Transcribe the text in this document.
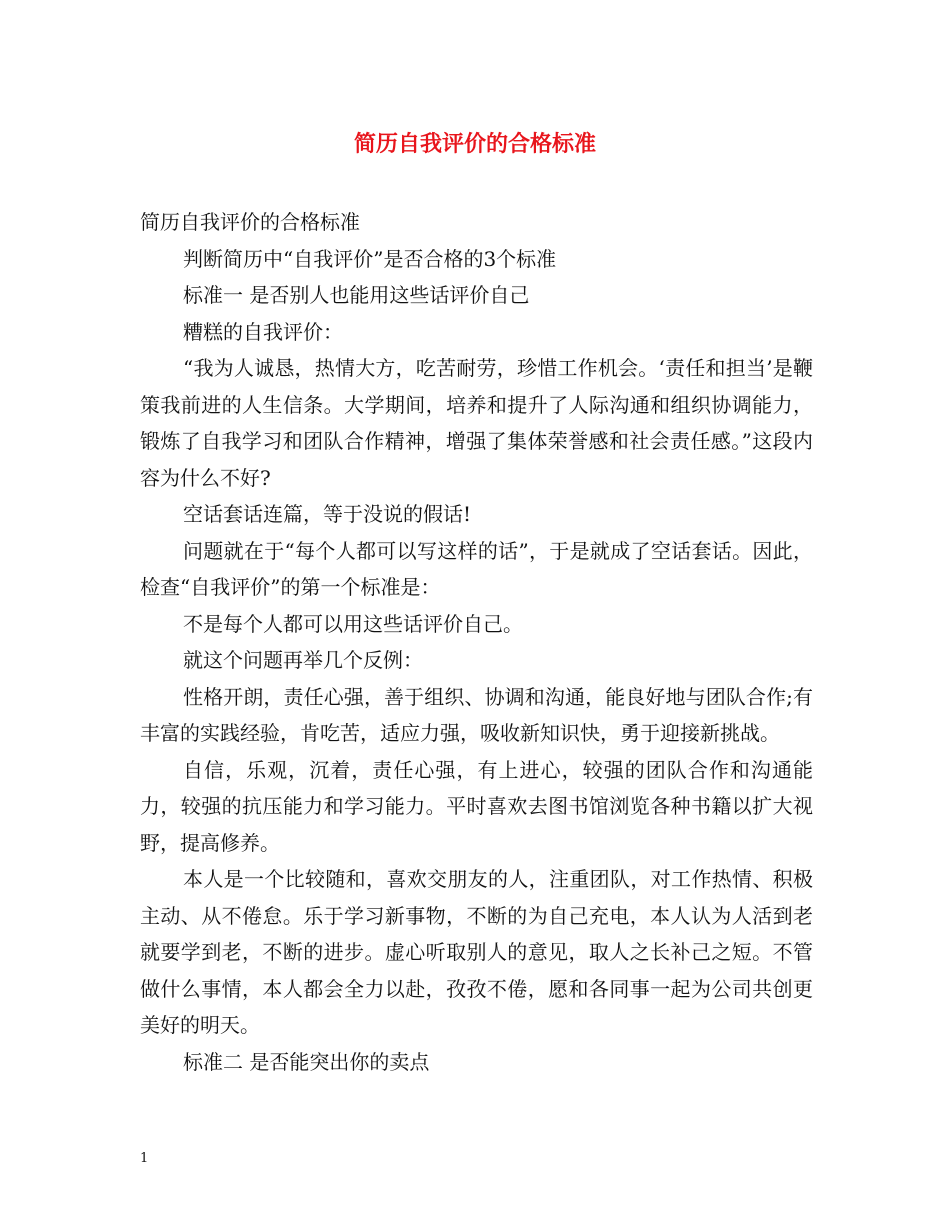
简历自我评价的合格标准

简历自我评价的合格标准

判断简历中“自我评价”是否合格的3个标准

标准一 是否别人也能用这些话评价自己

糟糕的自我评价：

“我为人诚恳，热情大方，吃苦耐劳，珍惜工作机会。‘责任和担当’是鞭策我前进的人生信条。大学期间，培养和提升了人际沟通和组织协调能力，锻炼了自我学习和团队合作精神，增强了集体荣誉感和社会责任感。”这段内容为什么不好?

空话套话连篇，等于没说的假话!

问题就在于“每个人都可以写这样的话”，于是就成了空话套话。因此，检查“自我评价”的第一个标准是：

不是每个人都可以用这些话评价自己。

就这个问题再举几个反例：

性格开朗，责任心强，善于组织、协调和沟通，能良好地与团队合作;有丰富的实践经验，肯吃苦，适应力强，吸收新知识快，勇于迎接新挑战。

自信，乐观，沉着，责任心强，有上进心，较强的团队合作和沟通能力，较强的抗压能力和学习能力。平时喜欢去图书馆浏览各种书籍以扩大视野，提高修养。

本人是一个比较随和，喜欢交朋友的人，注重团队，对工作热情、积极主动、从不倦怠。乐于学习新事物，不断的为自己充电，本人认为人活到老就要学到老，不断的进步。虚心听取别人的意见，取人之长补己之短。不管做什么事情，本人都会全力以赴，孜孜不倦，愿和各同事一起为公司共创更美好的明天。

标准二 是否能突出你的卖点

1
